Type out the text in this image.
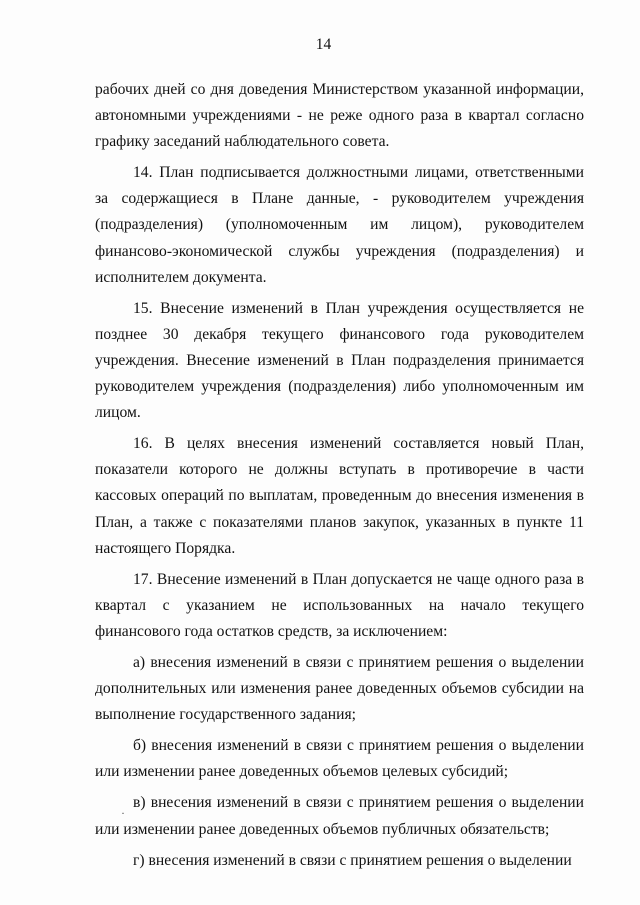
14

рабочих дней со дня доведения Министерством указанной информации, автономными учреждениями - не реже одного раза в квартал согласно графику заседаний наблюдательного совета.

14. План подписывается должностными лицами, ответственными за содержащиеся в Плане данные, - руководителем учреждения (подразделения) (уполномоченным им лицом), руководителем финансово-экономической службы учреждения (подразделения) и исполнителем документа.

15. Внесение изменений в План учреждения осуществляется не позднее 30 декабря текущего финансового года руководителем учреждения. Внесение изменений в План подразделения принимается руководителем учреждения (подразделения) либо уполномоченным им лицом.

16. В целях внесения изменений составляется новый План, показатели которого не должны вступать в противоречие в части кассовых операций по выплатам, проведенным до внесения изменения в План, а также с показателями планов закупок, указанных в пункте 11 настоящего Порядка.

17. Внесение изменений в План допускается не чаще одного раза в квартал с указанием не использованных на начало текущего финансового года остатков средств, за исключением:

а) внесения изменений в связи с принятием решения о выделении дополнительных или изменения ранее доведенных объемов субсидии на выполнение государственного задания;

б) внесения изменений в связи с принятием решения о выделении или изменении ранее доведенных объемов целевых субсидий;

в) внесения изменений в связи с принятием решения о выделении или изменении ранее доведенных объемов публичных обязательств;

г) внесения изменений в связи с принятием решения о выделении

·
